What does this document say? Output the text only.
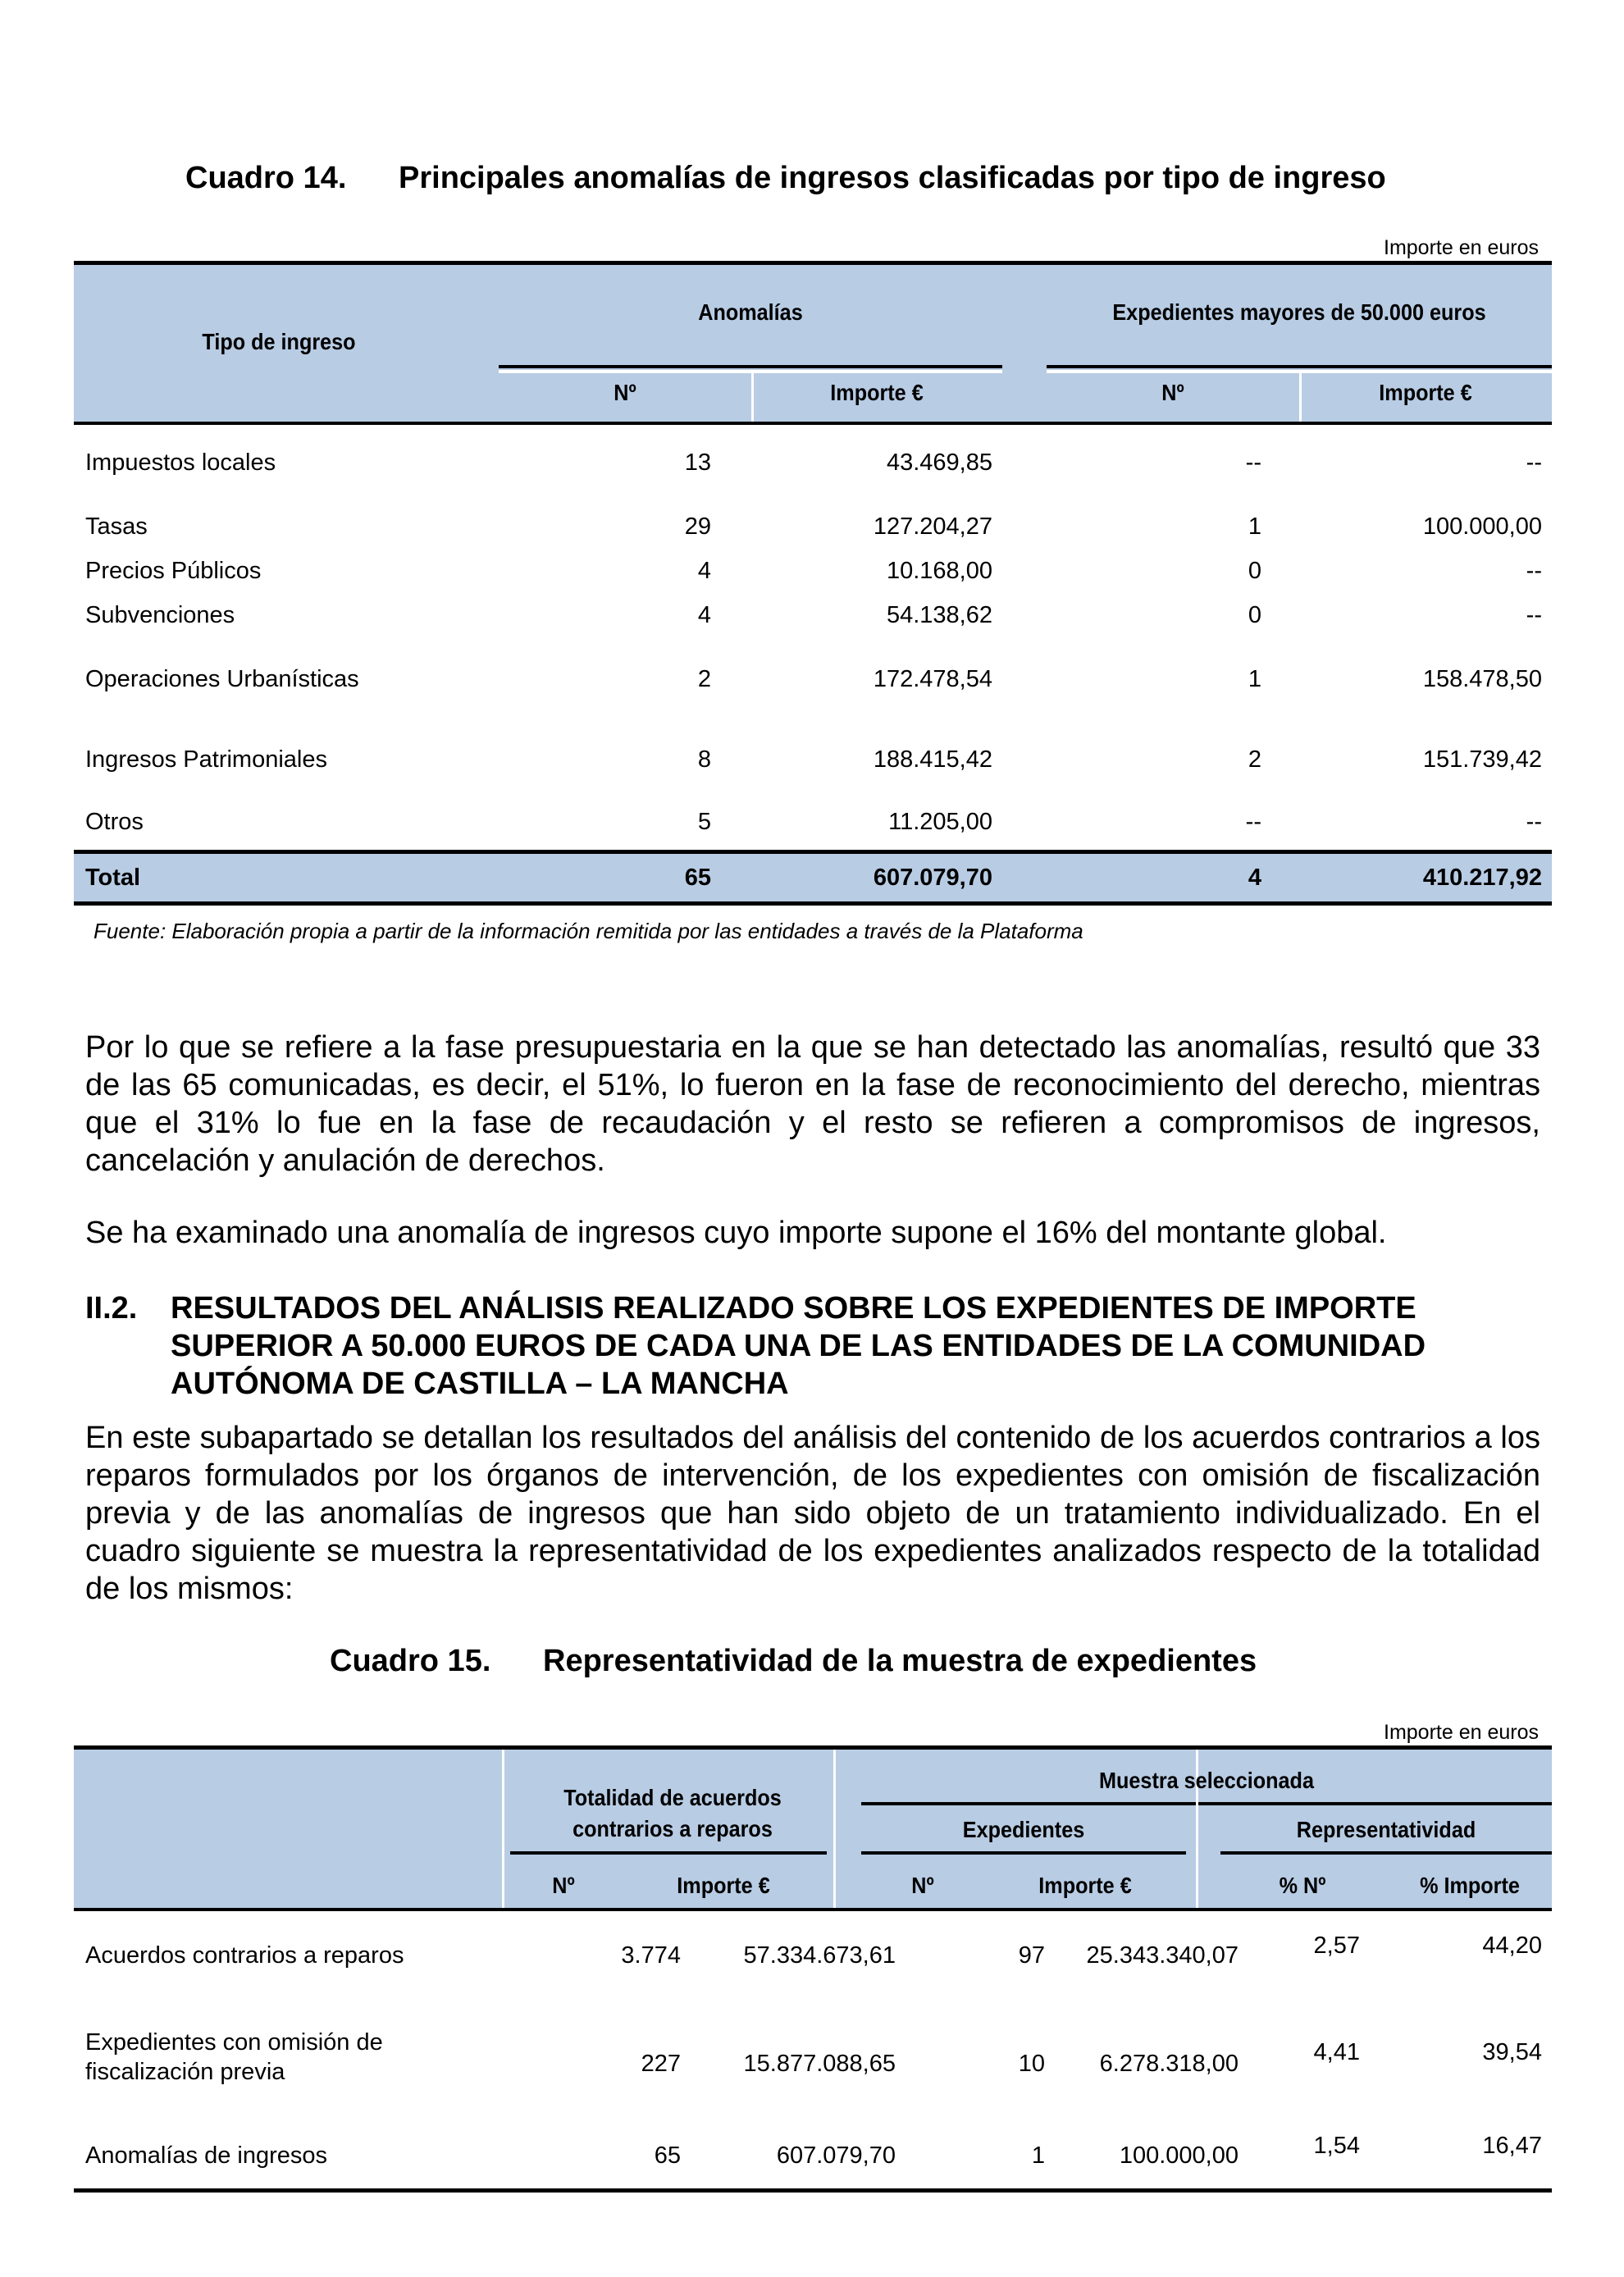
Cuadro 14. Principales anomalías de ingresos clasificadas por tipo de ingreso
Importe en euros
Tipo de ingreso
Anomalías	Expedientes mayores de 50.000 euros
Nº	Importe €	Nº	Importe €
Impuestos locales	13	43.469,85	--	--
Tasas	29	127.204,27	1	100.000,00
Precios Públicos	4	10.168,00	0	--
Subvenciones	4	54.138,62	0	--
Operaciones Urbanísticas	2	172.478,54	1	158.478,50
Ingresos Patrimoniales	8	188.415,42	2	151.739,42
Otros	5	11.205,00	--	--
Total	65	607.079,70	4	410.217,92
Fuente: Elaboración propia a partir de la información remitida por las entidades a través de la Plataforma

Por lo que se refiere a la fase presupuestaria en la que se han detectado las anomalías, resultó que 33 de las 65 comunicadas, es decir, el 51%, lo fueron en la fase de reconocimiento del derecho, mientras que el 31% lo fue en la fase de recaudación y el resto se refieren a compromisos de ingresos, cancelación y anulación de derechos.

Se ha examinado una anomalía de ingresos cuyo importe supone el 16% del montante global.

II.2. RESULTADOS DEL ANÁLISIS REALIZADO SOBRE LOS EXPEDIENTES DE IMPORTE SUPERIOR A 50.000 EUROS DE CADA UNA DE LAS ENTIDADES DE LA COMUNIDAD AUTÓNOMA DE CASTILLA – LA MANCHA

En este subapartado se detallan los resultados del análisis del contenido de los acuerdos contrarios a los reparos formulados por los órganos de intervención, de los expedientes con omisión de fiscalización previa y de las anomalías de ingresos que han sido objeto de un tratamiento individualizado. En el cuadro siguiente se muestra la representatividad de los expedientes analizados respecto de la totalidad de los mismos:

Cuadro 15. Representatividad de la muestra de expedientes
Importe en euros
Totalidad de acuerdos contrarios a reparos
Muestra seleccionada
Expedientes	Representatividad
Nº	Importe €	Nº	Importe €	% Nº	% Importe
Acuerdos contrarios a reparos	3.774	57.334.673,61	97 25.343.340,07	2,57	44,20
Expedientes con omisión de fiscalización previa	227	15.877.088,65	10 6.278.318,00	4,41	39,54
Anomalías de ingresos	65	607.079,70	1	100.000,00	1,54	16,47
